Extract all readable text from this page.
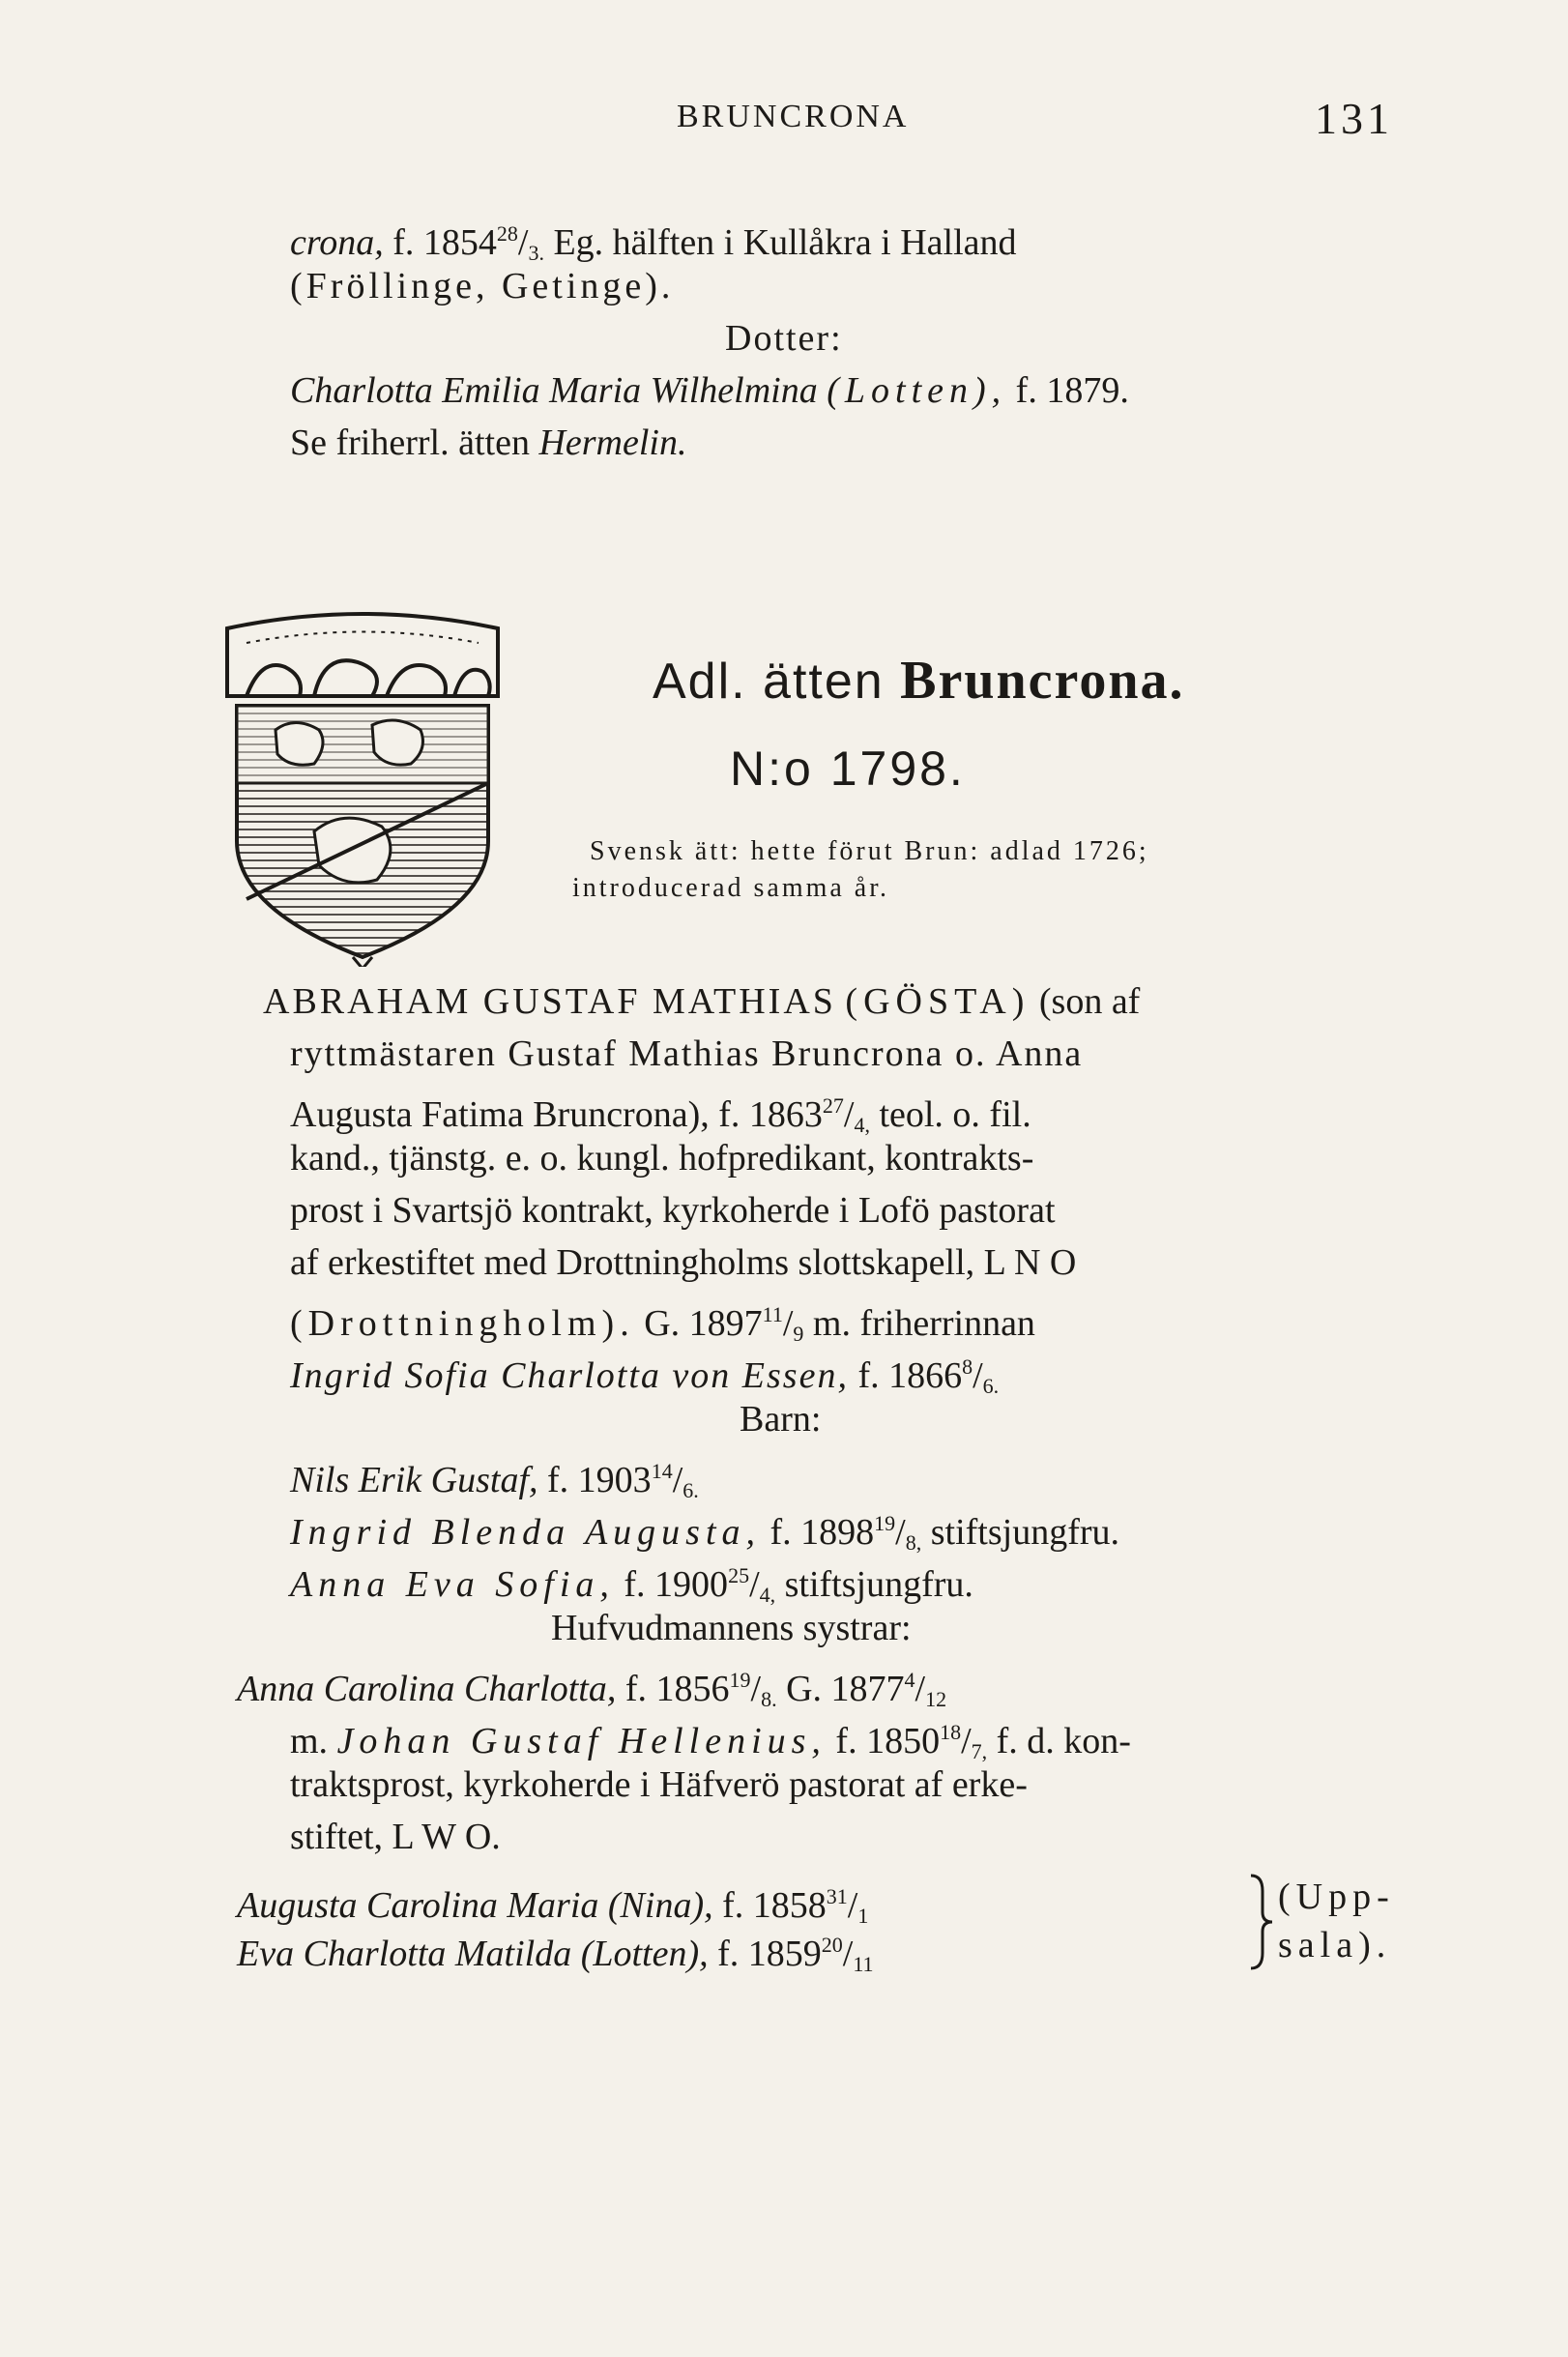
BRUNCRONA	131
crona, f. $1854^{28}/_{3.}$ Eg. hälften i Kullåkra i Halland
(Fröllinge, Getinge).
Dotter:
Charlotta Emilia Maria Wilhelmina (Lotten), f. 1879.
Se friherrl. ätten Hermelin.
Adl. ätten Bruncrona.
N:o 1798.
Svensk ätt: hette förut Brun: adlad 1726;
introducerad samma år.
ABRAHAM GUSTAF MATHIAS (GÖSTA) (son af
ryttmästaren Gustaf Mathias Bruncrona o. Anna
Augusta Fatima Bruncrona), f. $1863^{27}/_{4,}$ teol. o. fil.
kand., tjänstg. e. o. kungl. hofpredikant, kontrakts-
prost i Svartsjö kontrakt, kyrkoherde i Lofö pastorat
af erkestiftet med Drottningholms slottskapell, L N O
(Drottningholm). G. $1897^{11}/_9$ m. friherrinnan
Ingrid Sofia Charlotta von Essen, f. $1866^8/_{6.}$
Barn:
Nils Erik Gustaf, f. $1903^{14}/_{6.}$
Ingrid Blenda Augusta, f. $1898^{19}/_{8,}$ stiftsjungfru.
Anna Eva Sofia, f. $1900^{25}/_{4,}$ stiftsjungfru.
Hufvudmannens systrar:
Anna Carolina Charlotta, f. $1856^{19}/_{8.}$ G. $1877^4/_{12}$
m. Johan Gustaf Hellenius, f. $1850^{18}/_{7,}$ f. d. kon-
traktsprost, kyrkoherde i Häfverö pastorat af erke-
stiftet, L W O.
Augusta Carolina Maria (Nina), f. $1858^{31}/_1$
Eva Charlotta Matilda (Lotten), f. $1859^{20}/_{11}$
(Upp-
sala).
